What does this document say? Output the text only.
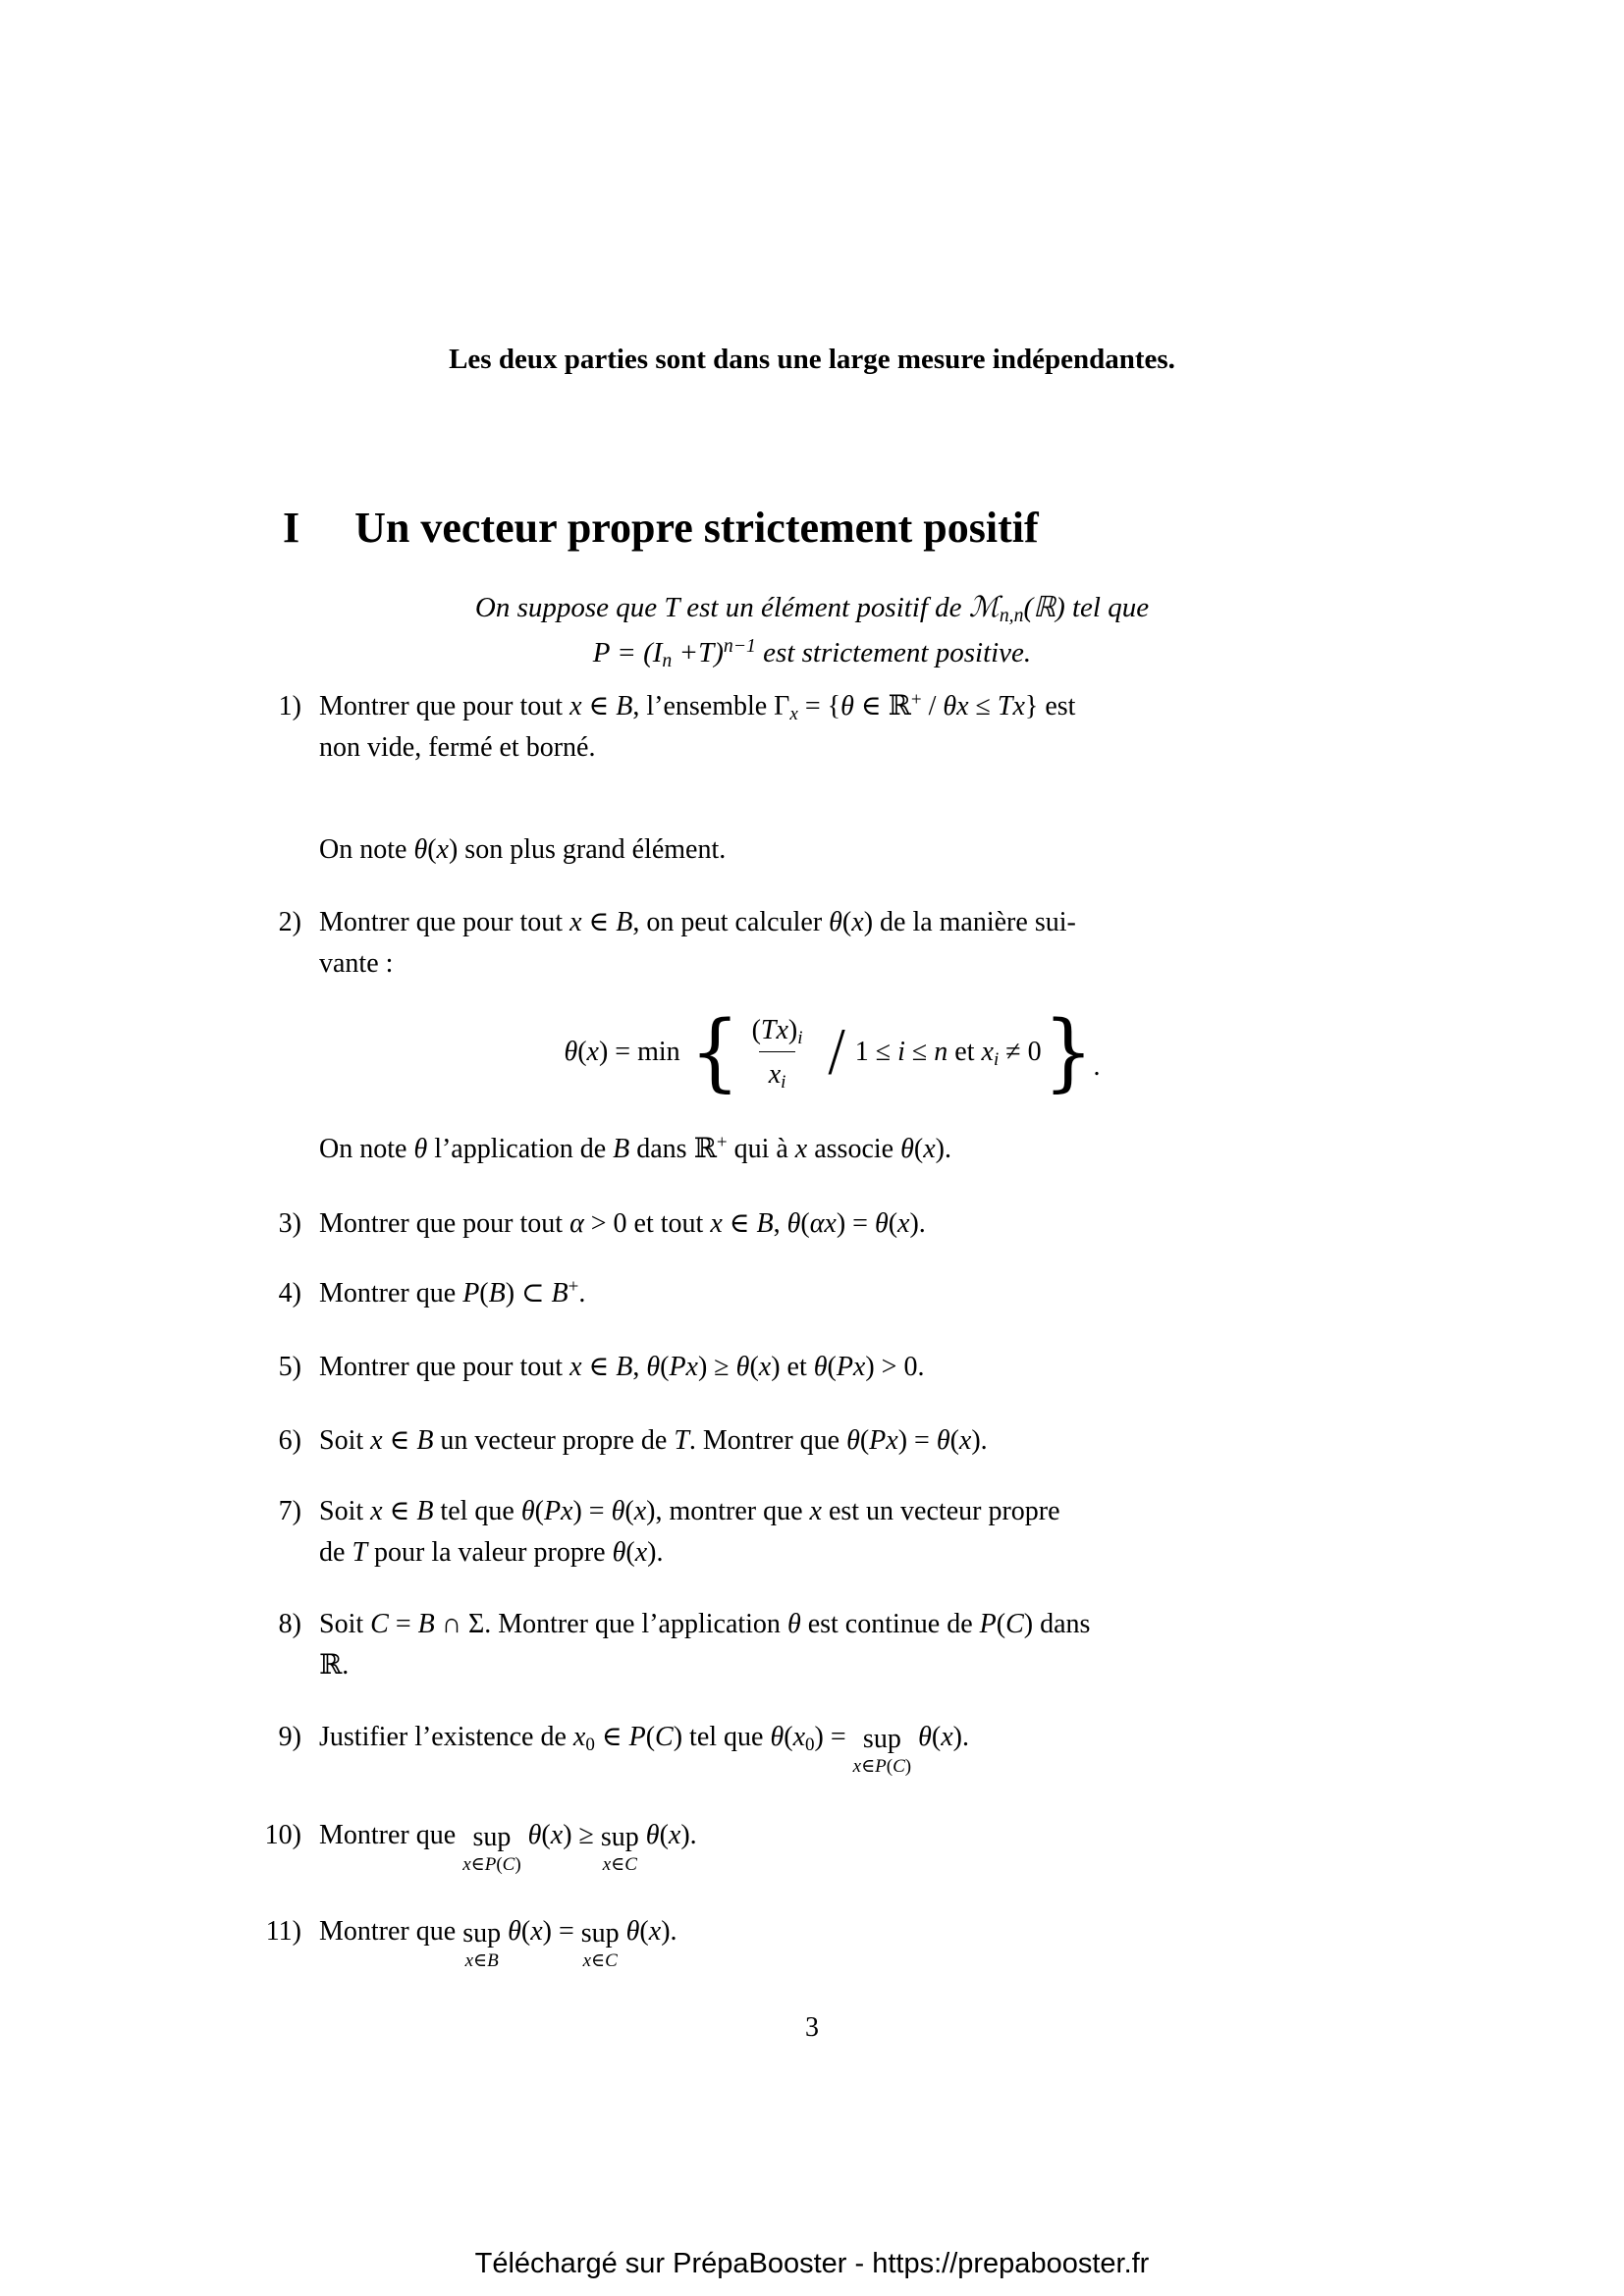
Les deux parties sont dans une large mesure indépendantes.
I Un vecteur propre strictement positif
On suppose que T est un élément positif de ℳ$_{n,n}$(ℝ) tel que
$P = (I_n +T)^{n-1}$ est strictement positive.
1) Montrer que pour tout x ∈ B, l’ensemble $\Gamma_x = \{\theta$ ∈ ℝ+ / θx ≤ Tx} est
non vide, fermé et borné.
On note θ(x) son plus grand élément.
2) Montrer que pour tout x ∈ B, on peut calculer θ(x) de la manière sui-
vante :
θ(x) = min { $\frac{(Tx)_i}{x_i} / 1 \le i \le n$ et $x_i \ne 0$ } .
On note θ l’application de B dans ℝ+ qui à x associe θ(x).
3) Montrer que pour tout α > 0 et tout x ∈ B, θ(αx) = θ(x).
4) Montrer que P(B) ⊂ B+.
5) Montrer que pour tout x ∈ B, θ(Px) ≥ θ(x) et θ(Px) > 0.
6) Soit x ∈ B un vecteur propre de T. Montrer que θ(Px) = θ(x).
7) Soit x ∈ B tel que θ(Px) = θ(x), montrer que x est un vecteur propre
de T pour la valeur propre θ(x).
8) Soit C = B ∩ Σ. Montrer que l’application θ est continue de P(C) dans
ℝ.
9) Justifier l’existence de $x_0$ ∈ P(C) tel que $\theta(x_0)$ = sup
x∈P(C)
θ(x).
10) Montrer que sup
x∈P(C)
θ(x) ≥ sup
x∈C
θ(x).
11) Montrer que sup
x∈B
θ(x) = sup
x∈C
θ(x).
3
Téléchargé sur PrépaBooster - https://prepabooster.fr
